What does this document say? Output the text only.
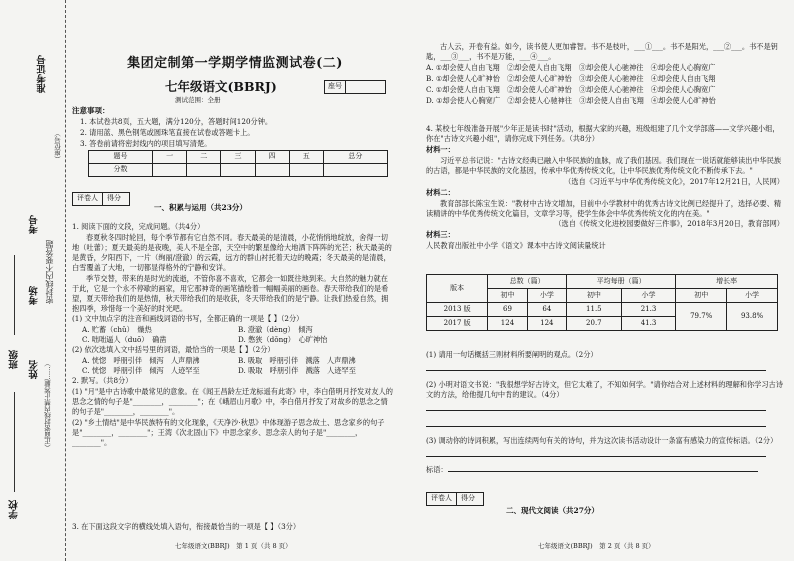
学校
班级
姓名
考场
考号
密封线内不要答题
（正面密封线内禁止答题……）
准考证号
（座位号）
集团定制第一学期学情监测试卷(二)
七年级语文(BBRJ)
测试范围：全册
座号
注意事项：
1. 本试卷共8页，五大题，满分120分，答题时间120分钟。
2. 请用蓝、黑色钢笔或圆珠笔直接在试卷或答题卡上。
3. 答卷前请将密封线内的项目填写清楚。
题号	一	二	三	四	五	总分
分数						
评卷人	得分
一、积累与运用（共23分）

1. 阅读下面的文段，完成问题。（共4分）

春夏秋冬四时轮回，每个季节都有它自然不同。春天最美的是清晨，小花悄悄地绽放，舍得一切地（吐蕾）；夏天最美的是夜晚，美人不是全部，天空中的繁星像给大地洒下阵阵的光芒；秋天最美的是黄昏，夕阳西下，一片（绚丽/澄澈）的云霞，远方的群山衬托着天边的晚霞；冬天最美的是清晨，白雪覆盖了大地，一切都显得格外的宁静和安详。

季节交替，带来的是时光的流逝，不管你喜不喜欢，它都会一如既往地到来。大自然的魅力就在于此，它是一个永不停歇的画家，用它那神奇的画笔描绘着一幅幅美丽的画卷。春天带给我们的是希望，夏天带给我们的是热情，秋天带给我们的是收获，冬天带给我们的是宁静。让我们热爱自然，拥抱四季，珍惜每一个美好的时光吧。

(1) 文中加点字的注音和画线词语的书写，全都正确的一项是【 】（2分）

A. 贮蓄（chǔ）　燥热	B. 澄澈（dèng）　倾泻
C. 咄咄逼人（duō）　确凿	D. 憋狭（dǒng）　心旷神怡

(2) 依次选填入文中括号里的词语，最恰当的一项是【 】（2分）

A. 恍惚　呼朋引伴　倾泻　人声鼎沸	B. 吸取　呼朋引伴　溅落　人声鼎沸
C. 恍惚　呼朋引伴　倾泻　人迹罕至	D. 吸取　呼朋引伴　溅落　人迹罕至

2. 默写。（共8分）

(1) "月"是中古诗歌中最常见的意象。在《闻王昌龄左迁龙标遥有此寄》中，李白借明月抒发对友人的思念之情的句子是"________，________"；在《峨眉山月歌》中，李白借月抒发了对故乡的思念之情的句子是"________，________"。

(2) "乡土情结"是中华民族特有的文化现象，《天净沙·秋思》中体现游子思念故土、思念家乡的句子是"________，________"；王湾《次北固山下》中思念家乡、思念亲人的句子是"________，________"。

3. 在下面这段文字的横线处填入语句，衔接最恰当的一项是【 】（3分）
七年级语文(BBRJ)　第 1 页（共 8 页）

古人云，开卷有益。如今，读书使人更加睿智。书不是枝叶，___①___。书不是阳光，___②___。书不是钥匙，___③___，书不是万能，___④___。

A. ①却会使人自由飞翔　②却会使人自由飞翔　③却会使人心驰神往　④却会使人心胸宽广

B. ①却会使人心旷神怡　②却会使人心旷神怡　③却会使人心驰神往　④却会使人自由飞翔

C. ①却会使人自由飞翔　②却会使人心旷神怡　③却会使人心驰神往　④却会使人心胸宽广

D. ①却会使人心胸宽广　②却会使人心驰神往　③却会使人自由飞翔　④却会使人心旷神怡

4. 某校七年级准备开展"少年正是读书时"活动，根据大家的兴趣，班级组建了几个文学部落——文学兴趣小组，你在"古诗文兴趣小组"，请你完成下列任务。（共8分）

材料一：

习近平总书记说："古诗文经典已融入中华民族的血脉，成了我们基因。我们现在一说话就能够读出中华民族的古语，都是中华民族的文化基因，传承中华优秀传统文化，让中华民族优秀传统文化不断传承下去。"

（选自《习近平与中华优秀传统文化》，2017年12月21日，人民网）

材料二：

教育部部长陈宝生说："教材中古诗文增加，目前中小学教材中的优秀古诗文比例已经提升了，选择必要、精读精讲的中华优秀传统文化篇目，文章学习等，使学生体会中华优秀传统文化的内在美。"

（选自《传统文化进校园要做好三件事》，2018年3月20日，教育部网）

材料三：

人民教育出版社中小学《语文》课本中古诗文阅读量统计

版本	总数（篇）		平均每册（篇）		增长率	
	初中	小学	初中	小学	初中	小学
2013 版	69	64	11.5	21.3	79.7%	93.8%
2017 版	124	124	20.7	41.3		

(1) 请用一句话概括三则材料所要阐明的观点。（2分）

(2) 小明对语文书说："我很想学好古诗文，但它太难了，不知如何学。"请你结合对上述材料的理解和你学习古诗文的方法，给他提几句中肯的建议。（4分）

(3) 调动你的诗词积累，写出连续两句有关的诗句，并为这次读书活动设计一条富有感染力的宣传标语。（2分）

标语：

评卷人	得分
二、现代文阅读（共27分）
七年级语文(BBRJ)　第 2 页（共 8 页）
